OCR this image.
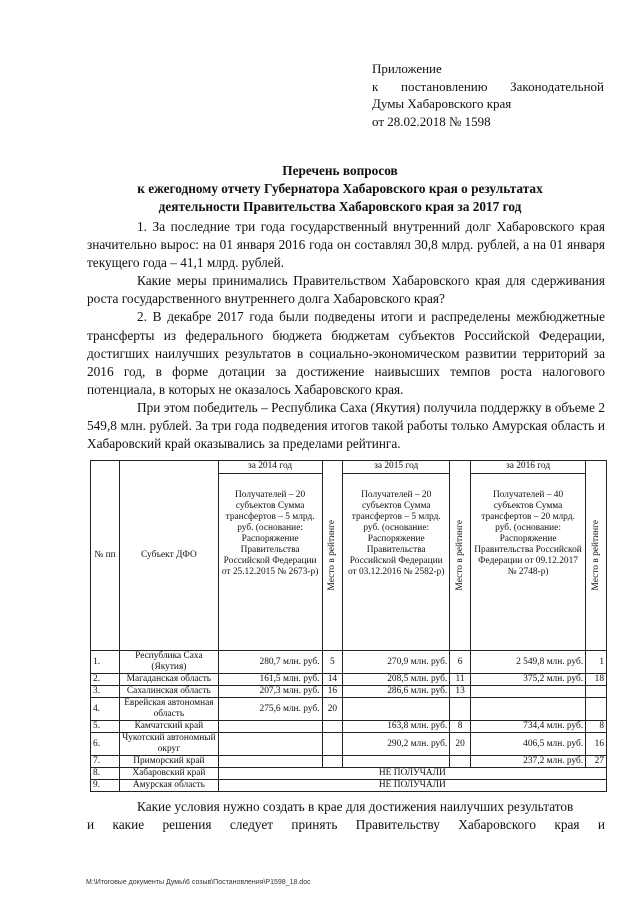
Приложение
к постановлению Законодательной
Думы Хабаровского края
от 28.02.2018 № 1598
Перечень вопросов
к ежегодному отчету Губернатора Хабаровского края о результатах
деятельности Правительства Хабаровского края за 2017 год

1. За последние три года государственный внутренний долг Хабаровского края значительно вырос: на 01 января 2016 года он составлял 30,8 млрд. рублей, а на 01 января текущего года – 41,1 млрд. рублей.

Какие меры принимались Правительством Хабаровского края для сдерживания роста государственного внутреннего долга Хабаровского края?

2. В декабре 2017 года были подведены итоги и распределены межбюджетные трансферты из федерального бюджета бюджетам субъектов Российской Федерации, достигших наилучших результатов в социально-экономическом развитии территорий за 2016 год, в форме дотации за достижение наивысших темпов роста налогового потенциала, в которых не оказалось Хабаровского края.

При этом победитель – Республика Саха (Якутия) получила поддержку в объеме 2 549,8 млн. рублей. За три года подведения итогов такой работы только Амурская область и Хабаровский край оказывались за пределами рейтинга.

№ пп	Субъект ДФО	за 2014 год	Место в рейтинге	за 2015 год	Место в рейтинге	за 2016 год	Место в рейтинге

		Получателей – 20 субъектов Сумма трансфертов – 5 млрд. руб. (основание: Распоряжение Правительства Российской Федерации от 25.12.2015 № 2673-р)		Получателей – 20 субъектов Сумма трансфертов – 5 млрд. руб. (основание: Распоряжение Правительства Российской Федерации от 03.12.2016 № 2582-р)		Получателей – 40 субъектов Сумма трансфертов – 20 млрд. руб. (основание: Распоряжение Правительства Российской Федерации от 09.12.2017 № 2748-р)	
1.	Республика Саха (Якутия)	280,7 млн. руб.	5	270,9 млн. руб.	6	2 549,8 млн. руб.	1
2.	Магаданская область	161,5 млн. руб.	14	208,5 млн. руб.	11	375,2 млн. руб.	18
3.	Сахалинская область	207,3 млн. руб.	16	286,6 млн. руб.	13		
4.	Еврейская автономная область	275,6 млн. руб.	20				
5.	Камчатский край			163,8 млн. руб.	8	734,4 млн. руб.	8
6.	Чукотский автономный округ			290,2 млн. руб.	20	406,5 млн. руб.	16
7.	Приморский край					237,2 млн. руб.	27
8.	Хабаровский край	НЕ ПОЛУЧАЛИ					
9.	Амурская область	НЕ ПОЛУЧАЛИ					

Какие условия нужно создать в крае для достижения наилучших результатов

и какие решения следует принять Правительству Хабаровского края и
M:\Итоговые документы Думы\6 созыв\Постановления\Р1598_18.doc
